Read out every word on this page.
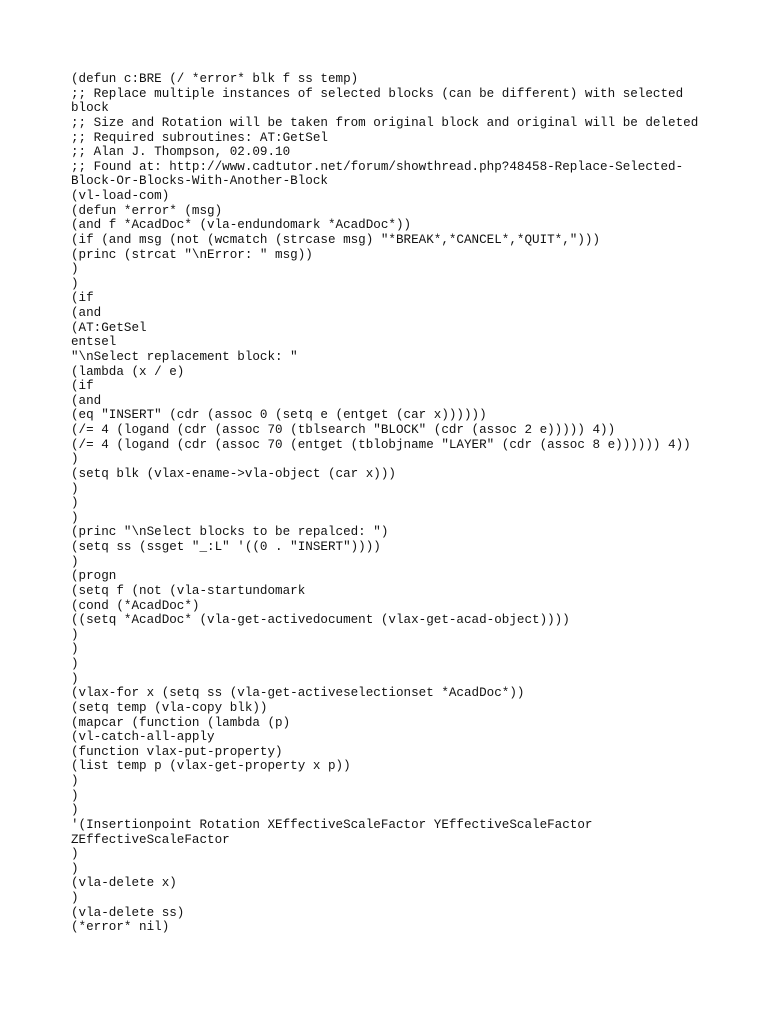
(defun c:BRE (/ *error* blk f ss temp)
;; Replace multiple instances of selected blocks (can be different) with selected
block
;; Size and Rotation will be taken from original block and original will be deleted
;; Required subroutines: AT:GetSel
;; Alan J. Thompson, 02.09.10
;; Found at: http://www.cadtutor.net/forum/showthread.php?48458-Replace-Selected-
Block-Or-Blocks-With-Another-Block
(vl-load-com)
(defun *error* (msg)
(and f *AcadDoc* (vla-endundomark *AcadDoc*))
(if (and msg (not (wcmatch (strcase msg) "*BREAK*,*CANCEL*,*QUIT*,")))
(princ (strcat "\nError: " msg))
)
)
(if
(and
(AT:GetSel
entsel
"\nSelect replacement block: "
(lambda (x / e)
(if
(and
(eq "INSERT" (cdr (assoc 0 (setq e (entget (car x))))))
(/= 4 (logand (cdr (assoc 70 (tblsearch "BLOCK" (cdr (assoc 2 e))))) 4))
(/= 4 (logand (cdr (assoc 70 (entget (tblobjname "LAYER" (cdr (assoc 8 e)))))) 4))
)
(setq blk (vlax-ename->vla-object (car x)))
)
)
)
(princ "\nSelect blocks to be repalced: ")
(setq ss (ssget "_:L" '((0 . "INSERT"))))
)
(progn
(setq f (not (vla-startundomark
(cond (*AcadDoc*)
((setq *AcadDoc* (vla-get-activedocument (vlax-get-acad-object))))
)
)
)
)
(vlax-for x (setq ss (vla-get-activeselectionset *AcadDoc*))
(setq temp (vla-copy blk))
(mapcar (function (lambda (p)
(vl-catch-all-apply
(function vlax-put-property)
(list temp p (vlax-get-property x p))
)
)
)
'(Insertionpoint Rotation XEffectiveScaleFactor YEffectiveScaleFactor
ZEffectiveScaleFactor
)
)
(vla-delete x)
)
(vla-delete ss)
(*error* nil)
